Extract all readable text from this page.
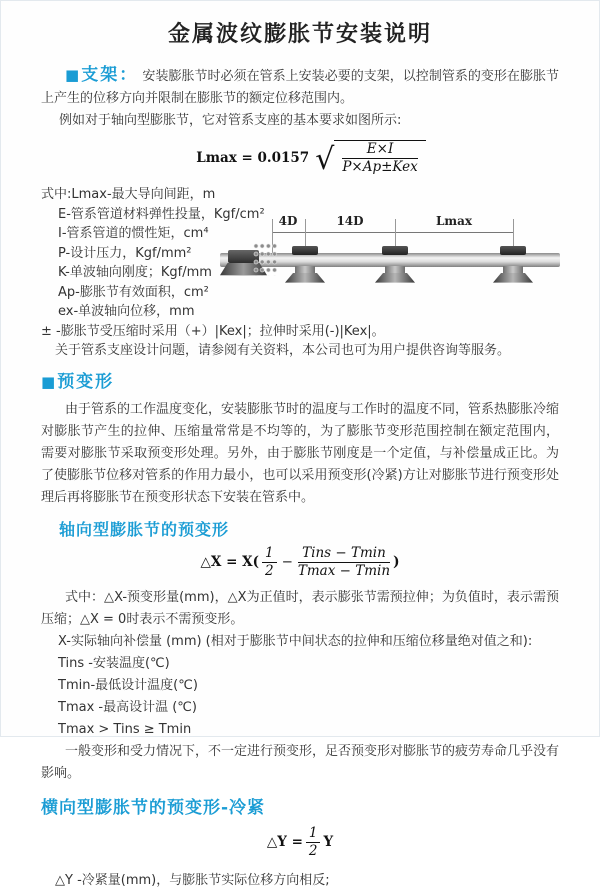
金属波纹膨胀节安装说明

■ 支架： 安装膨胀节时必须在管系上安装必要的支架，以控制管系的变形在膨胀节上产生的位移方向并限制在膨胀节的额定位移范围内。

例如对于轴向型膨胀节，它对管系支座的基本要求如图所示:

Lmax = 0.0157 √ $\frac{E\times I}{\text{P×Ap±Kex}}$
式中:Lmax-最大导向间距，m
E-管系管道材料弹性投量，Kgf/cm²
I-管系管道的惯性矩，cm⁴
P-设计压力，Kgf/mm²
K-单波轴向刚度；Kgf/mm
Ap-膨胀节有效面积，cm²
ex-单波轴向位移，mm
± -膨胀节受压缩时采用（+）|Kex|；拉伸时采用(-)|Kex|。
关于管系支座设计问题，请参阅有关资料，本公司也可为用户提供咨询等服务。
4D	14D	Lmax

■ 预变形

由于管系的工作温度变化，安装膨胀节时的温度与工作时的温度不同，管系热膨胀冷缩对膨胀节产生的拉伸、压缩量常常是不均等的，为了膨胀节变形范围控制在额定范围内，需要对膨胀节采取预变形处理。另外，由于膨胀节刚度是一个定值，与补偿量成正比。为了使膨胀节位移对管系的作用力最小，也可以采用预变形(冷紧)方让对膨胀节进行预变形处理后再将膨胀节在预变形状态下安装在管系中。

轴向型膨胀节的预变形
△X = $X( \frac{1}{2} - \frac{\text{Tins − Tmin}}{Tmax - Tmin}$ )

式中：△X-预变形量(mm)，△X为正值时，表示膨张节需预拉伸；为负值时，表示需预压缩；△X = 0时表示不需预变形。

X-实际轴向补偿量 (mm) (相对于膨胀节中间状态的拉伸和压缩位移量绝对值之和):
Tins -安装温度(℃)
Tmin-最低设计温度(℃)
Tmax -最高设计温 (℃)
Tmax > Tins ≥ Tmin

一般变形和受力情况下，不一定进行预变形，足否预变形对膨胀节的疲劳寿命几乎没有影响。

横向型膨胀节的预变形-冷紧
△Y = $\frac{1}{2}$ Y

△Y -冷紧量(mm)，与膨胀节实际位移方向相反;
